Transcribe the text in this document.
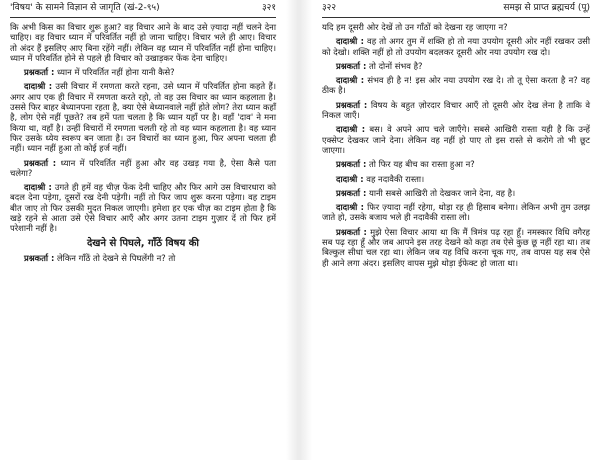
'विषय' के सामने विज्ञान से जागृति (खं-2-९५)	३२१

कि अभी किस का विचार शुरू हुआ? वह विचार आने के बाद उसे ज़्यादा नहीं चलने देना चाहिए। वह विचार ध्यान में परिवर्तित नहीं हो जाना चाहिए। विचार भले ही आए। विचार तो अंदर हैं इसलिए आए बिना रहेंगे नहीं। लेकिन वह ध्यान में परिवर्तित नहीं होना चाहिए। ध्यान में परिवर्तित होने से पहले ही विचार को उखाड़कर फेंक देना चाहिए।

प्रश्नकर्ता : ध्यान में परिवर्तित नहीं होना यानी कैसे?

दादाश्री : उसी विचार में रमणता करते रहना, उसे ध्यान में परिवर्तित होना कहते हैं। अगर आप एक ही विचार में रमणता करते रहो, तो वह उस विचार का ध्यान कहलाता है। उससे फिर बाहर बेध्यानपना रहता है, क्या ऐसे बेध्यानवाले नहीं होते लोग? तेरा ध्यान कहाँ है, लोग ऐसे नहीं पूछते? तब हमें पता चलता है कि ध्यान यहाँ पर है। वहाँ 'दाव' ने मना किया था, वहाँ है। उन्हीं विचारों में रमणता चलती रहे तो वह ध्यान कहलाता है। वह ध्यान फिर उसके ध्येय स्वरूप बन जाता है। उन विचारों का ध्यान हुआ, फिर अपना चलता ही नहीं। ध्यान नहीं हुआ तो कोई हर्ज नहीं।

प्रश्नकर्ता : ध्यान में परिवर्तित नहीं हुआ और वह उखड़ गया है, ऐसा कैसे पता चलेगा?

दादाश्री : उगते ही हमें वह चीज़ फेंक देनी चाहिए और फिर आगे उस विचारधारा को बदल देना पड़ेगा, दूसरों रख देनी पड़ेगी। नहीं तो फिर जाप शुरू करना पड़ेगा। वह टाइम बीत जाए तो फिर उसकी मुदत निकल जाएगी। हमेशा हर एक चीज़ का टाइम होता है कि खड़े रहने से आता उसे ऐसे विचार आएँ और अगर उतना टाइम गुज़ार दें तो फिर हमें परेशानी नहीं है।

देखने से पिघले, गाँठें विषय की

प्रश्नकर्ता : लेकिन गाँठें तो देखने से पिघलेंगी न? तो

३२२	समझ से प्राप्त ब्रह्मचर्य (पू)

यदि हम दूसरी ओर देखें तो उन गाँठों को देखना रह जाएगा न?

दादाश्री : वह तो अगर तुम में शक्ति हो तो नया उपयोग दूसरी ओर नहीं रखकर उसी को देखो। शक्ति नहीं हो तो उपयोग बदलकर दूसरी ओर नया उपयोग रख दो।

प्रश्नकर्ता : तो दोनों संभव है?

दादाश्री : संभव ही है न! इस ओर नया उपयोग रख दे। तो तू ऐसा करता है न? वह ठीक है।

प्रश्नकर्ता : विषय के बहुत ज़ोरदार विचार आएँ तो दूसरी ओर देख लेना है ताकि वे निकल जाएँ।

दादाश्री : बस। वे अपने आप चले जाएँगे। सबसे आखिरी रास्ता यही है कि उन्हें एक्सेप्ट देखकर जाने देना। लेकिन वह नहीं हो पाए तो इस रास्ते से करोगे तो भी छूट जाएगा।

प्रश्नकर्ता : तो फिर यह बीच का रास्ता हुआ न?

दादाश्री : वह नदावैकी रास्ता।

प्रश्नकर्ता : यानी सबसे आखिरी तो देखकर जाने देना, वह है।

दादाश्री : फिर ज़्यादा नहीं रहेगा, थोड़ा रह ही हिसाब बनेगा। लेकिन अभी तुम उलझ जाते हो, उसके बजाय भले ही नदावैकी रास्ता लो।

प्रश्नकर्ता : मुझे ऐसा विचार आया था कि मैं त्रिमंत्र पढ़ रहा हूँ। नमस्कार विधि वगैरह सब पढ़ रहा हूँ और जब आपने इस तरह देखने को कहा तब ऐसे कुछ छू नहीं रहा था। तब बिल्कुल सीधा चल रहा था। लेकिन जब यह विधि करना चूक गए, तब वापस यह सब ऐसे ही आने लगा अंदर। इसलिए वापस मुझे थोड़ा ईफेक्ट हो जाता था।
